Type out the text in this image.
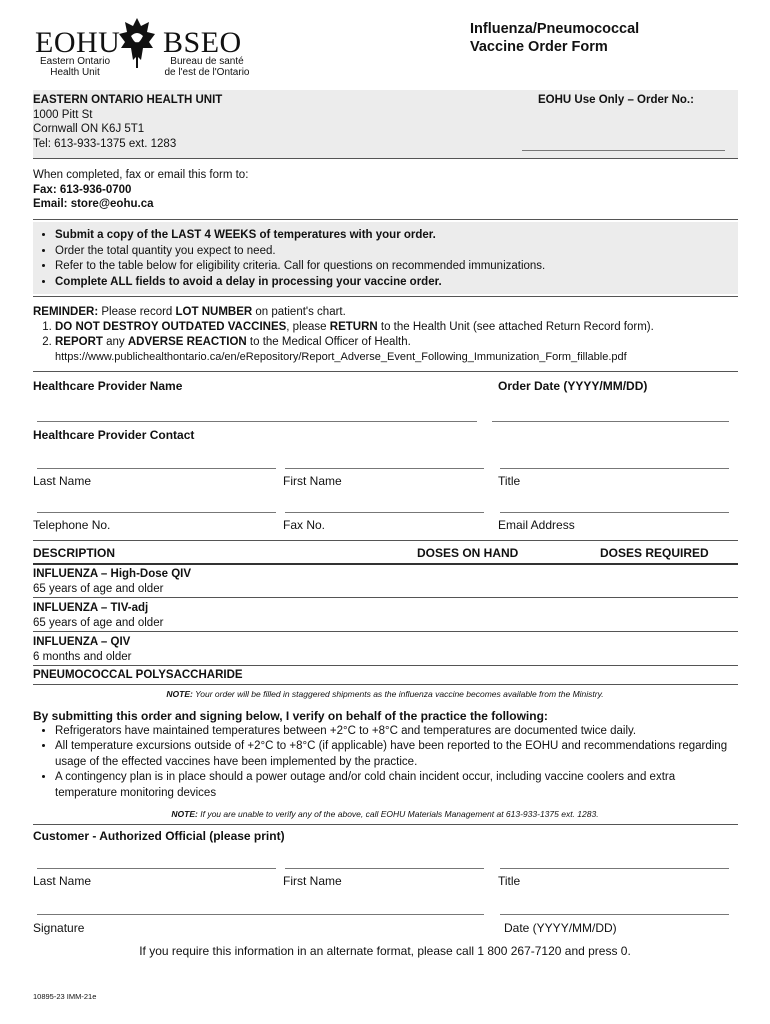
EOHU BSEO
Eastern Ontario
Health Unit
Bureau de santé
de l'est de l'Ontario
Influenza/Pneumococcal
Vaccine Order Form
EASTERN ONTARIO HEALTH UNIT
1000 Pitt St
Cornwall ON K6J 5T1
Tel: 613-933-1375 ext. 1283
EOHU Use Only – Order No.:
When completed, fax or email this form to:
Fax: 613-936-0700
Email: store@eohu.ca
• Submit a copy of the LAST 4 WEEKS of temperatures with your order.
• Order the total quantity you expect to need.
• Refer to the table below for eligibility criteria. Call for questions on recommended immunizations.
• Complete ALL fields to avoid a delay in processing your vaccine order.
REMINDER: Please record LOT NUMBER on patient's chart.
1. DO NOT DESTROY OUTDATED VACCINES, please RETURN to the Health Unit (see attached Return Record form).
2. REPORT any ADVERSE REACTION to the Medical Officer of Health.
https://www.publichealthontario.ca/en/eRepository/Report_Adverse_Event_Following_Immunization_Form_fillable.pdf
Healthcare Provider Name	Order Date (YYYY/MM/DD)
Healthcare Provider Contact
Last Name	First Name	Title
Telephone No.	Fax No.	Email Address
DESCRIPTION	DOSES ON HAND	DOSES REQUIRED
INFLUENZA – High-Dose QIV
65 years of age and older
INFLUENZA – TIV-adj
65 years of age and older
INFLUENZA – QIV
6 months and older
PNEUMOCOCCAL POLYSACCHARIDE
NOTE: Your order will be filled in staggered shipments as the influenza vaccine becomes available from the Ministry.
By submitting this order and signing below, I verify on behalf of the practice the following:
• Refrigerators have maintained temperatures between +2°C to +8°C and temperatures are documented twice daily.
• All temperature excursions outside of +2°C to +8°C (if applicable) have been reported to the EOHU and recommendations regarding usage of the effected vaccines have been implemented by the practice.
• A contingency plan is in place should a power outage and/or cold chain incident occur, including vaccine coolers and extra temperature monitoring devices
NOTE: If you are unable to verify any of the above, call EOHU Materials Management at 613-933-1375 ext. 1283.
Customer - Authorized Official (please print)
Last Name	First Name	Title
Signature	Date (YYYY/MM/DD)
If you require this information in an alternate format, please call 1 800 267-7120 and press 0.
10895-23 IMM-21e
